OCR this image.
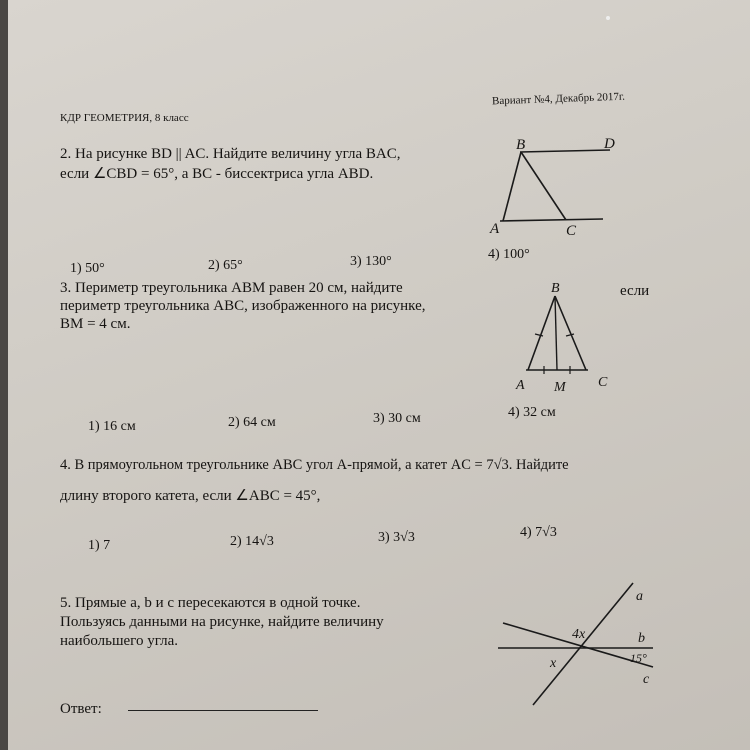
КДР ГЕОМЕТРИЯ, 8 класс
Вариант №4, Декабрь 2017г.
2. На рисунке BD || AC. Найдите величину угла BAC,
если ∠CBD = 65°, а BC - биссектриса угла ABD.
B	D
A	C
1) 50°	2) 65°	3) 130°	4) 100°
3. Периметр треугольника ABM равен 20 см, найдите
периметр треугольника ABC, изображенного на рисунке,
BM = 4 см.
если
B
A M C
1) 16 см	2) 64 см	3) 30 см	4) 32 см
4. В прямоугольном треугольнике ABC угол A-прямой, а катет AC = 7√3. Найдите
длину второго катета, если ∠ABC = 45°,
1) 7	2) 14√3	3) 3√3	4) 7√3
5. Прямые a, b и c пересекаются в одной точке.
Пользуясь данными на рисунке, найдите величину
наибольшего угла.
a
b
c
x
4x
15°
Ответ:
